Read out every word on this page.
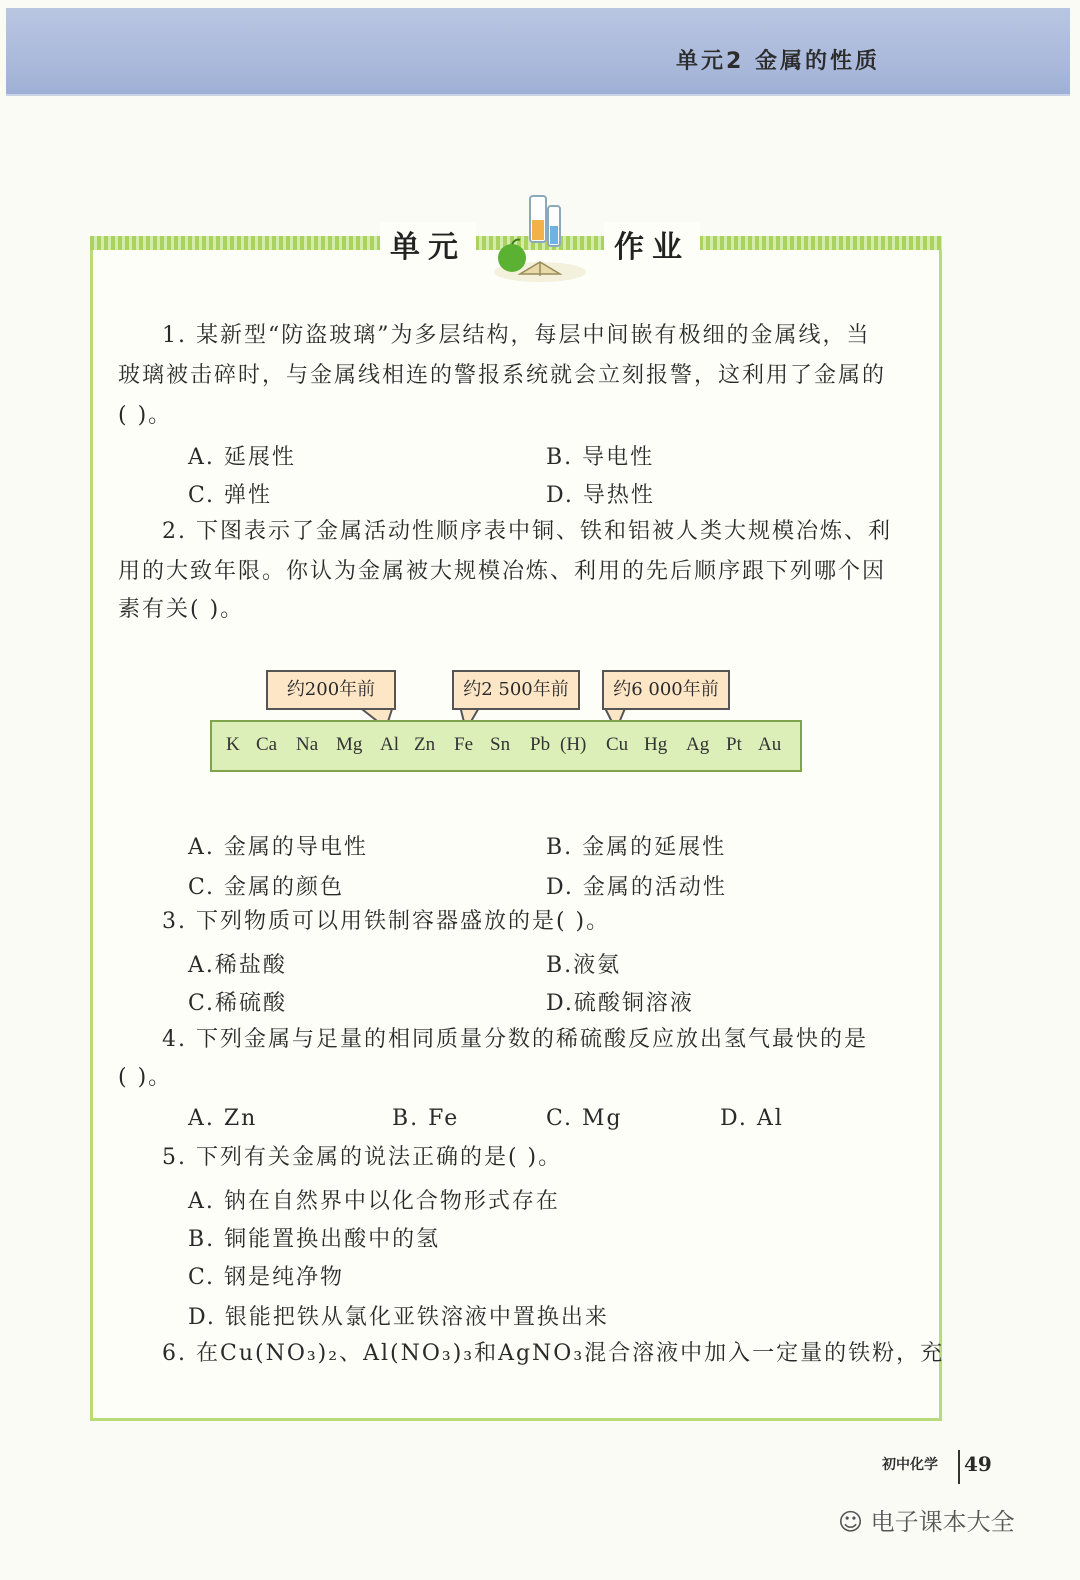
单元2 金属的性质
单元	作业
1. 某新型“防盗玻璃”为多层结构，每层中间嵌有极细的金属线，当
玻璃被击碎时，与金属线相连的警报系统就会立刻报警，这利用了金属的
( )。
A. 延展性	B. 导电性
C. 弹性	D. 导热性
2. 下图表示了金属活动性顺序表中铜、铁和铝被人类大规模冶炼、利
用的大致年限。你认为金属被大规模冶炼、利用的先后顺序跟下列哪个因
素有关( )。
约200年前	约2 500年前	约6 000年前
K Ca Na Mg Al Zn Fe Sn Pb (H) Cu Hg Ag Pt Au
A. 金属的导电性	B. 金属的延展性
C. 金属的颜色	D. 金属的活动性
3. 下列物质可以用铁制容器盛放的是( )。
A.稀盐酸	B.液氨
C.稀硫酸	D.硫酸铜溶液
4. 下列金属与足量的相同质量分数的稀硫酸反应放出氢气最快的是
( )。
A. Zn	B. Fe	C. Mg	D. Al
5. 下列有关金属的说法正确的是( )。
A. 钠在自然界中以化合物形式存在
B. 铜能置换出酸中的氢
C. 钢是纯净物
D. 银能把铁从氯化亚铁溶液中置换出来
6. 在Cu(NO₃)₂、Al(NO₃)₃和AgNO₃混合溶液中加入一定量的铁粉，充
初中化学 49
☺ 电子课本大全
